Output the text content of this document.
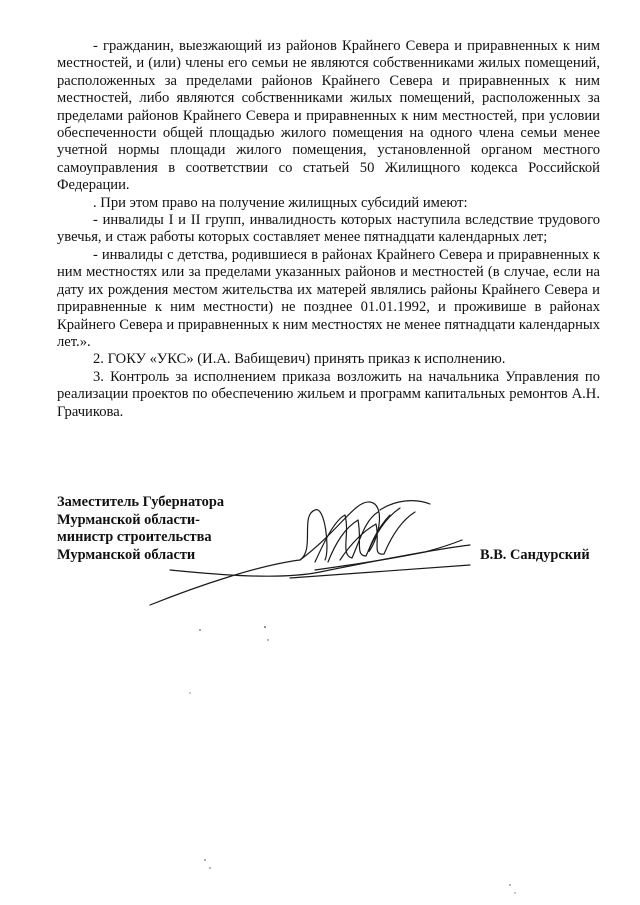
- гражданин, выезжающий из районов Крайнего Севера и приравненных к ним местностей, и (или) члены его семьи не являются собственниками жилых помещений, расположенных за пределами районов Крайнего Севера и приравненных к ним местностей, либо являются собственниками жилых помещений, расположенных за пределами районов Крайнего Севера и приравненных к ним местностей, при условии обеспеченности общей площадью жилого помещения на одного члена семьи менее учетной нормы площади жилого помещения, установленной органом местного самоуправления в соответствии со статьей 50 Жилищного кодекса Российской Федерации.

. При этом право на получение жилищных субсидий имеют:

- инвалиды I и II групп, инвалидность которых наступила вследствие трудового увечья, и стаж работы которых составляет менее пятнадцати календарных лет;

- инвалиды с детства, родившиеся в районах Крайнего Севера и приравненных к ним местностях или за пределами указанных районов и местностей (в случае, если на дату их рождения местом жительства их матерей являлись районы Крайнего Севера и приравненные к ним местности) не позднее 01.01.1992, и проживише в районах Крайнего Севера и приравненных к ним местностях не менее пятнадцати календарных лет.».

2. ГОКУ «УКС» (И.А. Вабищевич) принять приказ к исполнению.

3. Контроль за исполнением приказа возложить на начальника Управления по реализации проектов по обеспечению жильем и программ капитальных ремонтов А.Н. Грачикова.

Заместитель Губернатора
Мурманской области-
министр строительства
Мурманской области	В.В. Сандурский
